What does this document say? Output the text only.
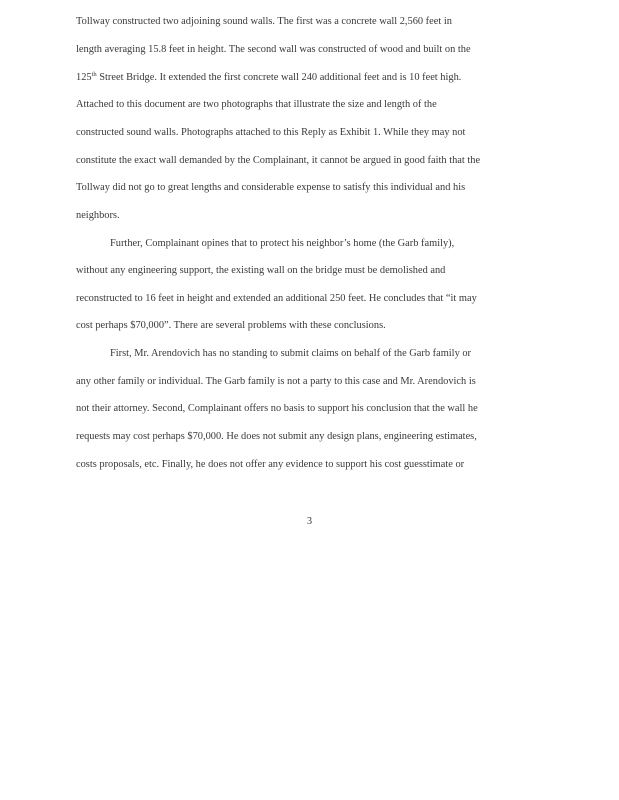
Tollway constructed two adjoining sound walls. The first was a concrete wall 2,560 feet in

length averaging 15.8 feet in height. The second wall was constructed of wood and built on the

125th Street Bridge. It extended the first concrete wall 240 additional feet and is 10 feet high.

Attached to this document are two photographs that illustrate the size and length of the

constructed sound walls. Photographs attached to this Reply as Exhibit 1. While they may not

constitute the exact wall demanded by the Complainant, it cannot be argued in good faith that the

Tollway did not go to great lengths and considerable expense to satisfy this individual and his

neighbors.

Further, Complainant opines that to protect his neighbor’s home (the Garb family),

without any engineering support, the existing wall on the bridge must be demolished and

reconstructed to 16 feet in height and extended an additional 250 feet. He concludes that “it may

cost perhaps $70,000”. There are several problems with these conclusions.

First, Mr. Arendovich has no standing to submit claims on behalf of the Garb family or

any other family or individual. The Garb family is not a party to this case and Mr. Arendovich is

not their attorney. Second, Complainant offers no basis to support his conclusion that the wall he

requests may cost perhaps $70,000. He does not submit any design plans, engineering estimates,

costs proposals, etc. Finally, he does not offer any evidence to support his cost guesstimate or

3
